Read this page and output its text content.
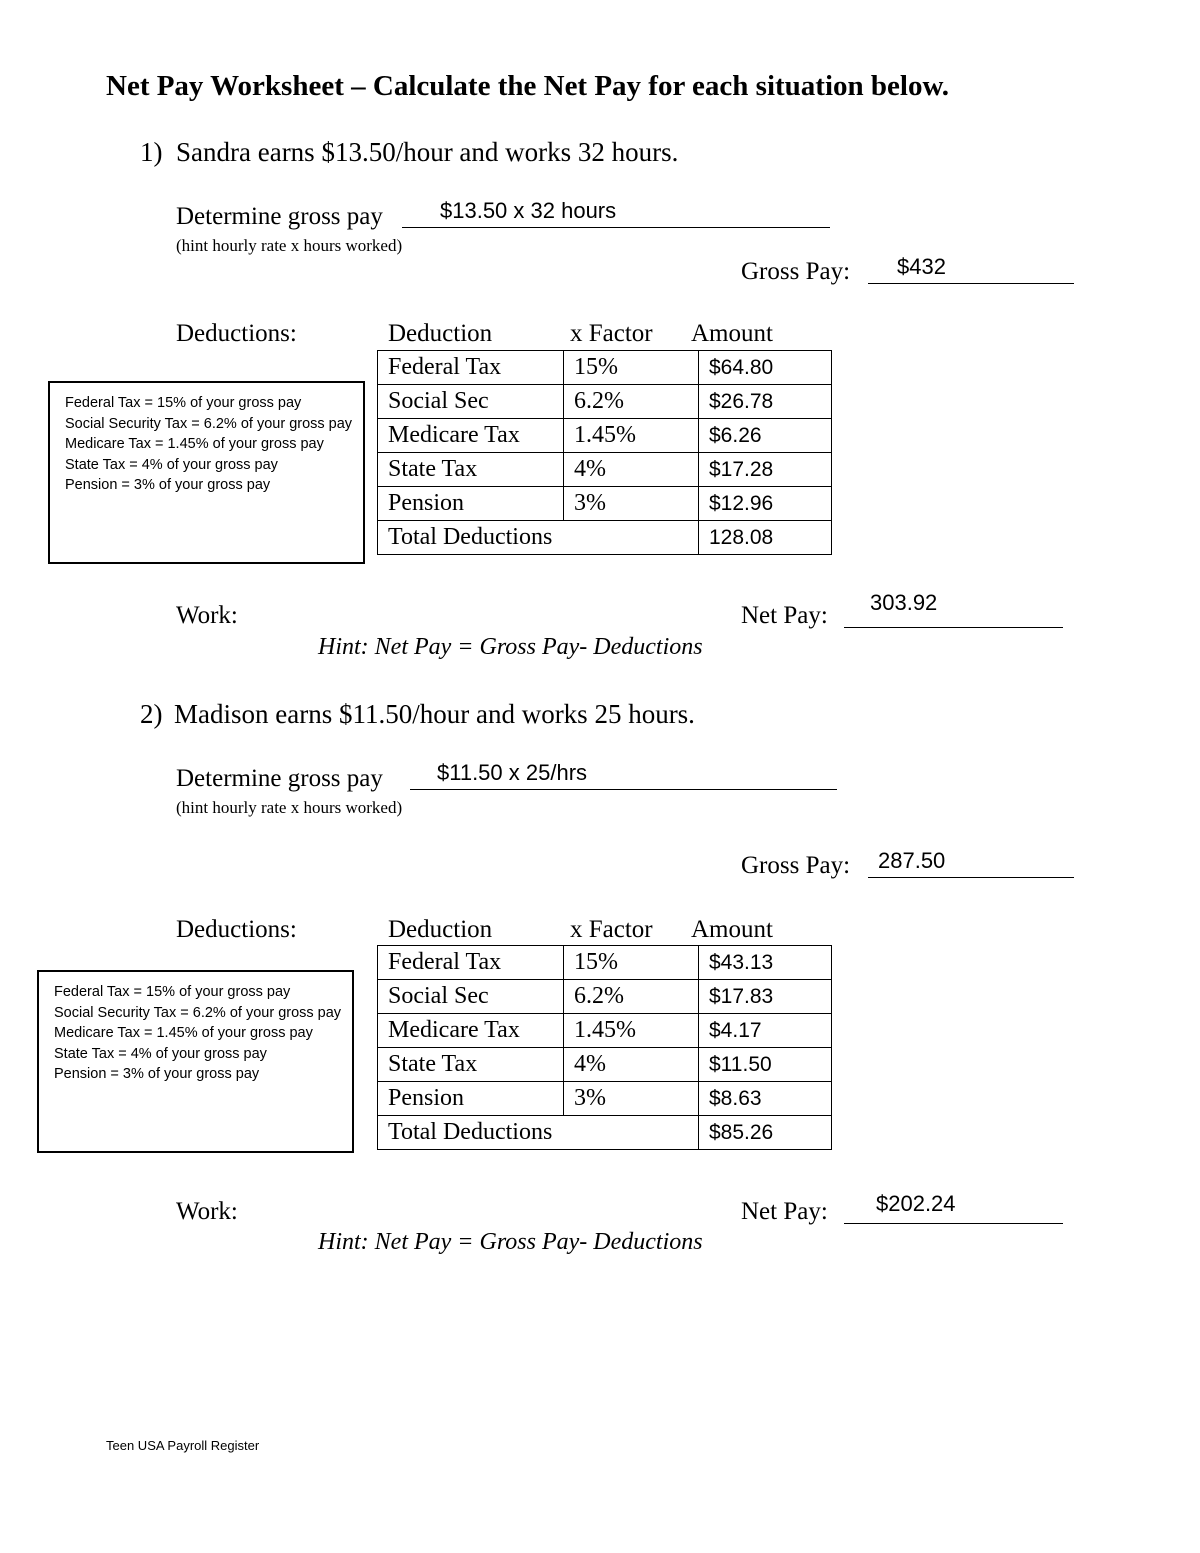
Net Pay Worksheet – Calculate the Net Pay for each situation below.
1) Sandra earns $13.50/hour and works 32 hours.
Determine gross pay	$13.50 x 32 hours
(hint hourly rate x hours worked)
Gross Pay: $432
Deductions:	Deduction	x Factor Amount
Federal Tax	15%	$64.80
Social Sec	6.2%	$26.78
Medicare Tax	1.45%	$6.26
State Tax	4%	$17.28
Pension	3%	$12.96
Total Deductions		128.08
Federal Tax = 15% of your gross pay
Social Security Tax = 6.2% of your gross pay
Medicare Tax = 1.45% of your gross pay
State Tax = 4% of your gross pay
Pension = 3% of your gross pay
Work:	Net Pay: 303.92
Hint: Net Pay = Gross Pay- Deductions
2) Madison earns $11.50/hour and works 25 hours.
Determine gross pay $11.50 x 25/hrs
(hint hourly rate x hours worked)
Gross Pay: 287.50
Deductions:	Deduction	x Factor Amount
Federal Tax	15%	$43.13
Social Sec	6.2%	$17.83
Medicare Tax	1.45%	$4.17
State Tax	4%	$11.50
Pension	3%	$8.63
Total Deductions		$85.26
Federal Tax = 15% of your gross pay
Social Security Tax = 6.2% of your gross pay
Medicare Tax = 1.45% of your gross pay
State Tax = 4% of your gross pay
Pension = 3% of your gross pay
Work:	Net Pay: $202.24
Hint: Net Pay = Gross Pay- Deductions
Teen USA Payroll Register
